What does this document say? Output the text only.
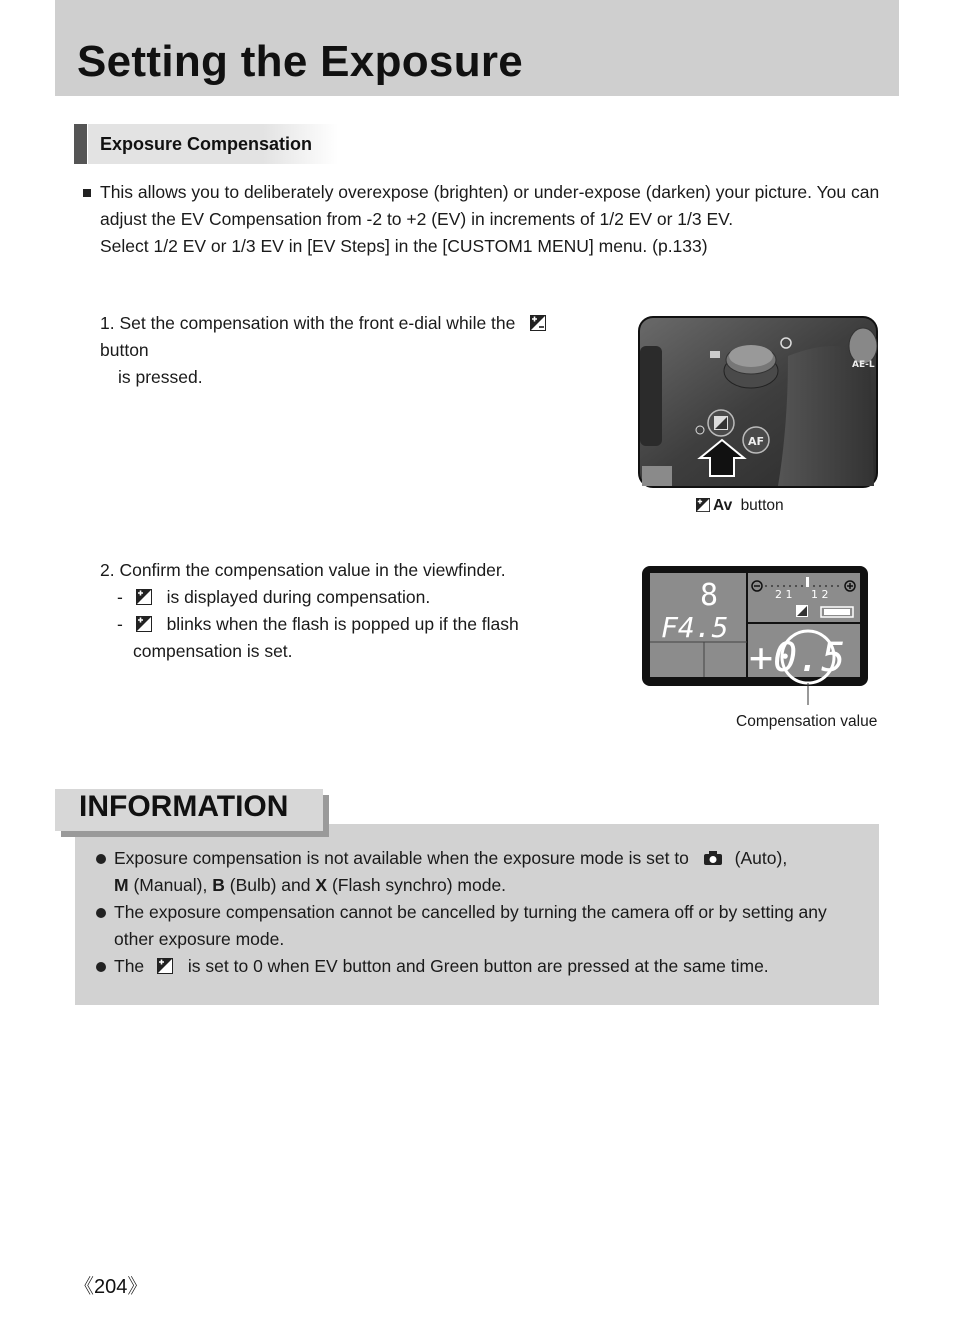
Setting the Exposure
Exposure Compensation
This allows you to deliberately overexpose (brighten) or under-expose (darken) your picture. You can
adjust the EV Compensation from -2 to +2 (EV) in increments of 1/2 EV or 1/3 EV.
Select 1/2 EV or 1/3 EV in [EV Steps] in the [CUSTOM1 MENU] menu. (p.133)
1. Set the compensation with the front e-dial while the
button
is pressed.
AF
AE-L
Av button
2. Confirm the compensation value in the viewfinder.
-	is displayed during compensation.
-	blinks when the flash is popped up if the flash
compensation is set.
8
F4.5
2 1 1 2
+0.5
Compensation value
INFORMATION
Exposure compensation is not available when the exposure mode is set to	(Auto),
M (Manual), B (Bulb) and X (Flash synchro) mode.
The exposure compensation cannot be cancelled by turning the camera off or by setting any
other exposure mode.
The	is set to 0 when EV button and Green button are pressed at the same time.
《204》
